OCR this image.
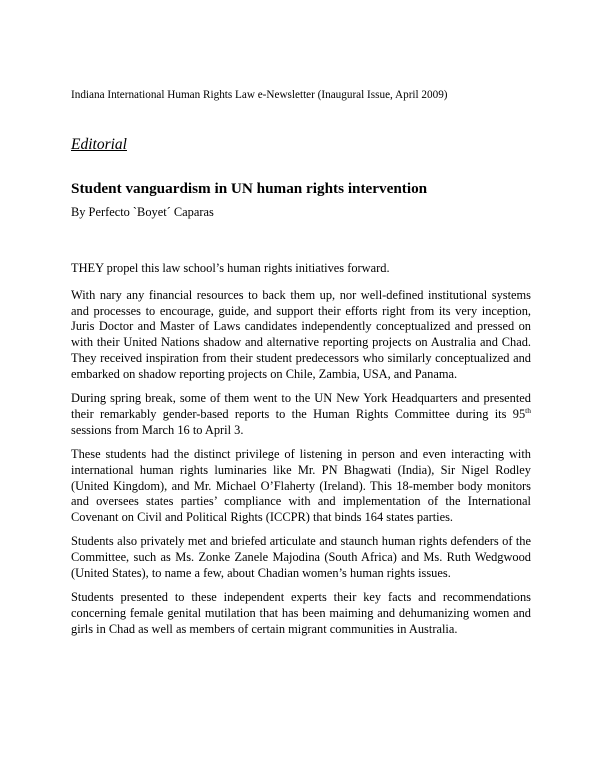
Indiana International Human Rights Law e-Newsletter (Inaugural Issue, April 2009)
Editorial
Student vanguardism in UN human rights intervention
By Perfecto `Boyet´ Caparas

THEY propel this law school’s human rights initiatives forward.

With nary any financial resources to back them up, nor well-defined institutional systems and processes to encourage, guide, and support their efforts right from its very inception, Juris Doctor and Master of Laws candidates independently conceptualized and pressed on with their United Nations shadow and alternative reporting projects on Australia and Chad. They received inspiration from their student predecessors who similarly conceptualized and embarked on shadow reporting projects on Chile, Zambia, USA, and Panama.

During spring break, some of them went to the UN New York Headquarters and presented their remarkably gender-based reports to the Human Rights Committee during its 95th sessions from March 16 to April 3.

These students had the distinct privilege of listening in person and even interacting with international human rights luminaries like Mr. PN Bhagwati (India), Sir Nigel Rodley (United Kingdom), and Mr. Michael O’Flaherty (Ireland). This 18-member body monitors and oversees states parties’ compliance with and implementation of the International Covenant on Civil and Political Rights (ICCPR) that binds 164 states parties.

Students also privately met and briefed articulate and staunch human rights defenders of the Committee, such as Ms. Zonke Zanele Majodina (South Africa) and Ms. Ruth Wedgwood (United States), to name a few, about Chadian women’s human rights issues.

Students presented to these independent experts their key facts and recommendations concerning female genital mutilation that has been maiming and dehumanizing women and girls in Chad as well as members of certain migrant communities in Australia.
